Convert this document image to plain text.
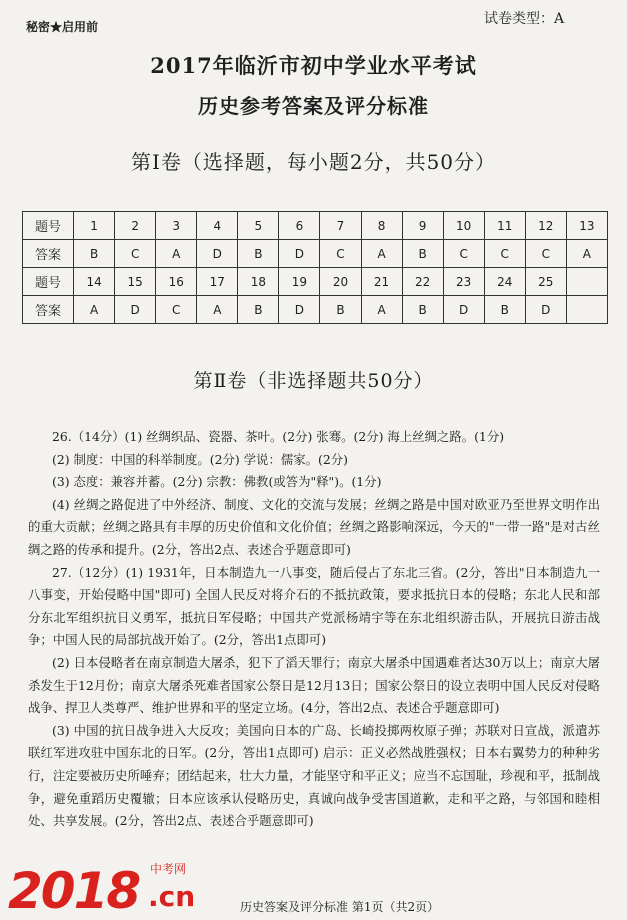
秘密★启用前	试卷类型：A
2017年临沂市初中学业水平考试
历史参考答案及评分标准
第Ⅰ卷（选择题，每小题2分，共50分）
题号	1	2	3	4	5	6	7	8	9	10	11	12	13
答案	B	C	A	D	B	D	C	A	B	C	C	C	A
题号	14	15	16	17	18	19	20	21	22	23	24	25	
答案	A	D	C	A	B	D	B	A	B	D	B	D	
第Ⅱ卷（非选择题共50分）

26.（14分）(1) 丝绸织品、瓷器、茶叶。(2分) 张骞。(2分) 海上丝绸之路。(1分)

(2) 制度：中国的科举制度。(2分) 学说：儒家。(2分)

(3) 态度：兼容并蓄。(2分) 宗教：佛教(或答为"释")。(1分)

(4) 丝绸之路促进了中外经济、制度、文化的交流与发展；丝绸之路是中国对欧亚乃至世界文明作出的重大贡献；丝绸之路具有丰厚的历史价值和文化价值；丝绸之路影响深远，今天的"一带一路"是对古丝绸之路的传承和提升。(2分，答出2点、表述合乎题意即可)

27.（12分）(1) 1931年，日本制造九一八事变，随后侵占了东北三省。(2分，答出"日本制造九一八事变，开始侵略中国"即可) 全国人民反对将介石的不抵抗政策，要求抵抗日本的侵略；东北人民和部分东北军组织抗日义勇军，抵抗日军侵略；中国共产党派杨靖宇等在东北组织游击队，开展抗日游击战争；中国人民的局部抗战开始了。(2分，答出1点即可)

(2) 日本侵略者在南京制造大屠杀，犯下了滔天罪行；南京大屠杀中国遇难者达30万以上；南京大屠杀发生于12月份；南京大屠杀死难者国家公祭日是12月13日；国家公祭日的设立表明中国人民反对侵略战争、捍卫人类尊严、维护世界和平的坚定立场。(4分，答出2点、表述合乎题意即可)

(3) 中国的抗日战争进入大反攻；美国向日本的广岛、长崎投掷两枚原子弹；苏联对日宣战，派遣苏联红军进攻驻中国东北的日军。(2分，答出1点即可) 启示：正义必然战胜强权；日本右翼势力的种种劣行，注定要被历史所唾弃；团结起来，壮大力量，才能坚守和平正义；应当不忘国耻，珍视和平，抵制战争，避免重蹈历史覆辙；日本应该承认侵略历史，真诚向战争受害国道歉，走和平之路，与邻国和睦相处、共享发展。(2分，答出2点、表述合乎题意即可)

2018 中考网
.cn	历史答案及评分标准 第1页（共2页）
